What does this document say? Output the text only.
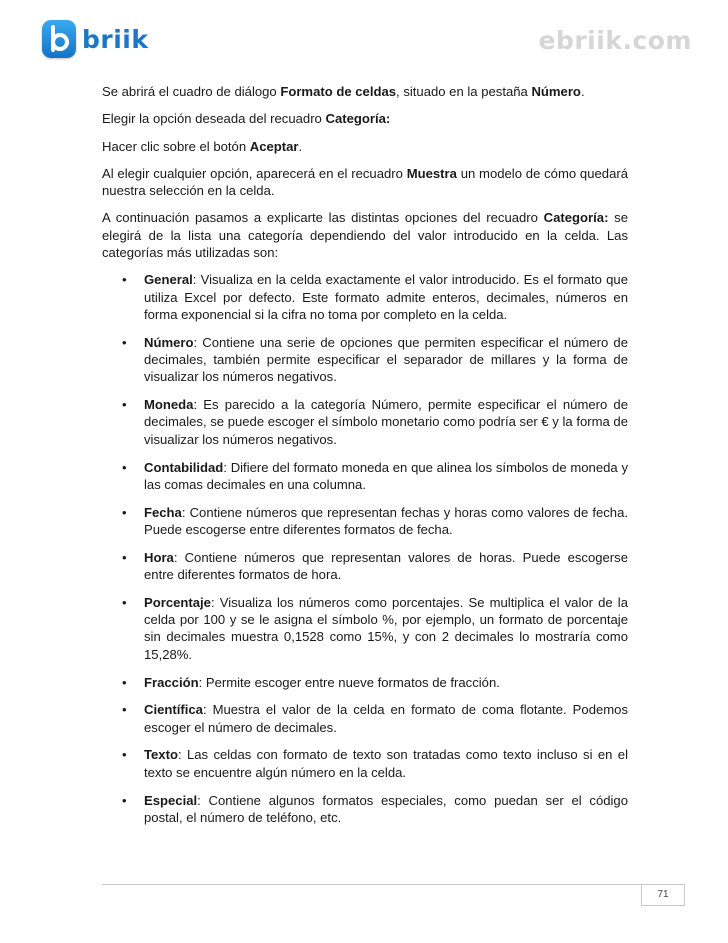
briik	ebriik.com

Se abrirá el cuadro de diálogo Formato de celdas, situado en la pestaña Número.

Elegir la opción deseada del recuadro Categoría:

Hacer clic sobre el botón Aceptar.

Al elegir cualquier opción, aparecerá en el recuadro Muestra un modelo de cómo quedará nuestra selección en la celda.

A continuación pasamos a explicarte las distintas opciones del recuadro Categoría: se elegirá de la lista una categoría dependiendo del valor introducido en la celda. Las categorías más utilizadas son:

• General: Visualiza en la celda exactamente el valor introducido. Es el formato que utiliza Excel por defecto. Este formato admite enteros, decimales, números en forma exponencial si la cifra no toma por completo en la celda.
• Número: Contiene una serie de opciones que permiten especificar el número de decimales, también permite especificar el separador de millares y la forma de visualizar los números negativos.
• Moneda: Es parecido a la categoría Número, permite especificar el número de decimales, se puede escoger el símbolo monetario como podría ser € y la forma de visualizar los números negativos.
• Contabilidad: Difiere del formato moneda en que alinea los símbolos de moneda y las comas decimales en una columna.
• Fecha: Contiene números que representan fechas y horas como valores de fecha. Puede escogerse entre diferentes formatos de fecha.
• Hora: Contiene números que representan valores de horas. Puede escogerse entre diferentes formatos de hora.
• Porcentaje: Visualiza los números como porcentajes. Se multiplica el valor de la celda por 100 y se le asigna el símbolo %, por ejemplo, un formato de porcentaje sin decimales muestra 0,1528 como 15%, y con 2 decimales lo mostraría como 15,28%.
• Fracción: Permite escoger entre nueve formatos de fracción.
• Científica: Muestra el valor de la celda en formato de coma flotante. Podemos escoger el número de decimales.
• Texto: Las celdas con formato de texto son tratadas como texto incluso si en el texto se encuentre algún número en la celda.
• Especial: Contiene algunos formatos especiales, como puedan ser el código postal, el número de teléfono, etc.
71
